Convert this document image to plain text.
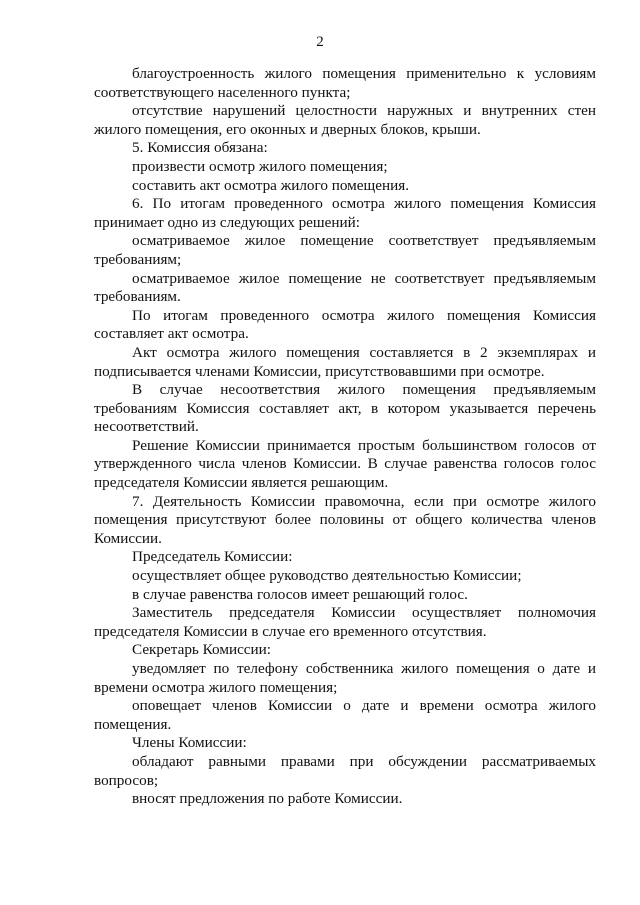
2

благоустроенность жилого помещения применительно к условиям соответствующего населенного пункта;

отсутствие нарушений целостности наружных и внутренних стен жилого помещения, его оконных и дверных блоков, крыши.

5. Комиссия обязана:

произвести осмотр жилого помещения;

составить акт осмотра жилого помещения.

6. По итогам проведенного осмотра жилого помещения Комиссия принимает одно из следующих решений:

осматриваемое жилое помещение соответствует предъявляемым требованиям;

осматриваемое жилое помещение не соответствует предъявляемым требованиям.

По итогам проведенного осмотра жилого помещения Комиссия составляет акт осмотра.

Акт осмотра жилого помещения составляется в 2 экземплярах и подписывается членами Комиссии, присутствовавшими при осмотре.

В случае несоответствия жилого помещения предъявляемым требованиям Комиссия составляет акт, в котором указывается перечень несоответствий.

Решение Комиссии принимается простым большинством голосов от утвержденного числа членов Комиссии. В случае равенства голосов голос председателя Комиссии является решающим.

7. Деятельность Комиссии правомочна, если при осмотре жилого помещения присутствуют более половины от общего количества членов Комиссии.

Председатель Комиссии:

осуществляет общее руководство деятельностью Комиссии;

в случае равенства голосов имеет решающий голос.

Заместитель председателя Комиссии осуществляет полномочия председателя Комиссии в случае его временного отсутствия.

Секретарь Комиссии:

уведомляет по телефону собственника жилого помещения о дате и времени осмотра жилого помещения;

оповещает членов Комиссии о дате и времени осмотра жилого помещения.

Члены Комиссии:

обладают равными правами при обсуждении рассматриваемых вопросов;

вносят предложения по работе Комиссии.
